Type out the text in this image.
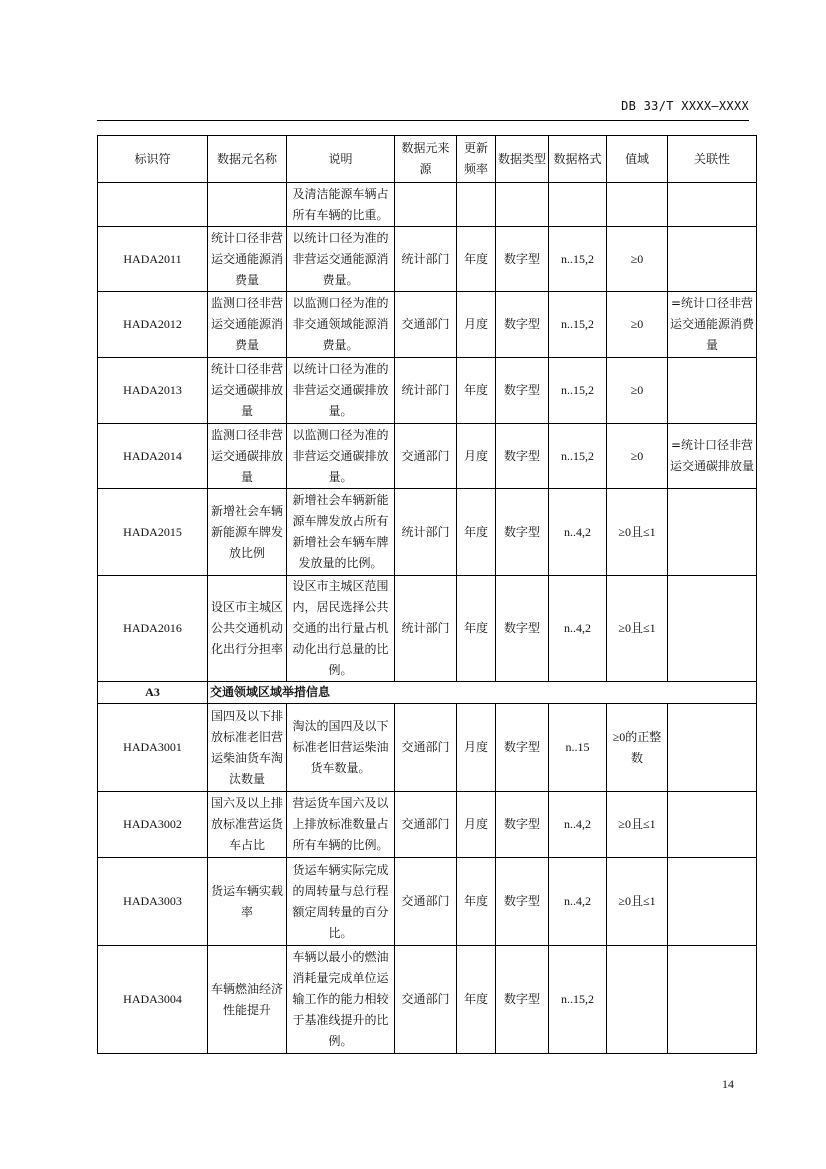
DB 33/T XXXX—XXXX
标识符	数据元名称	说明	数据元来源	更新频率	数据类型	数据格式	值域	关联性
		及清洁能源车辆占所有车辆的比重。						
HADA2011	统计口径非营运交通能源消费量	以统计口径为准的非营运交通能源消费量。	统计部门	年度	数字型	n..15,2	≥0	
HADA2012	监测口径非营运交通能源消费量	以监测口径为准的非交通领域能源消费量。	交通部门	月度	数字型	n..15,2	≥0	=统计口径非营运交通能源消费量
HADA2013	统计口径非营运交通碳排放量	以统计口径为准的非营运交通碳排放量。	统计部门	年度	数字型	n..15,2	≥0	
HADA2014	监测口径非营运交通碳排放量	以监测口径为准的非营运交通碳排放量。	交通部门	月度	数字型	n..15,2	≥0	=统计口径非营运交通碳排放量
HADA2015	新增社会车辆新能源车牌发放比例	新增社会车辆新能源车牌发放占所有新增社会车辆车牌发放量的比例。	统计部门	年度	数字型	n..4,2	≥0且≤1	
HADA2016	设区市主城区公共交通机动化出行分担率	设区市主城区范围内，居民选择公共交通的出行量占机动化出行总量的比例。	统计部门	年度	数字型	n..4,2	≥0且≤1	
A3	交通领域区域举措信息							
HADA3001	国四及以下排放标准老旧营运柴油货车淘汰数量	淘汰的国四及以下标准老旧营运柴油货车数量。	交通部门	月度	数字型	n..15	≥0的正整数	
HADA3002	国六及以上排放标准营运货车占比	营运货车国六及以上排放标准数量占所有车辆的比例。	交通部门	月度	数字型	n..4,2	≥0且≤1	
HADA3003	货运车辆实载率	货运车辆实际完成的周转量与总行程额定周转量的百分比。	交通部门	年度	数字型	n..4,2	≥0且≤1	
HADA3004	车辆燃油经济性能提升	车辆以最小的燃油消耗量完成单位运输工作的能力相较于基准线提升的比例。	交通部门	年度	数字型	n..15,2		
14
